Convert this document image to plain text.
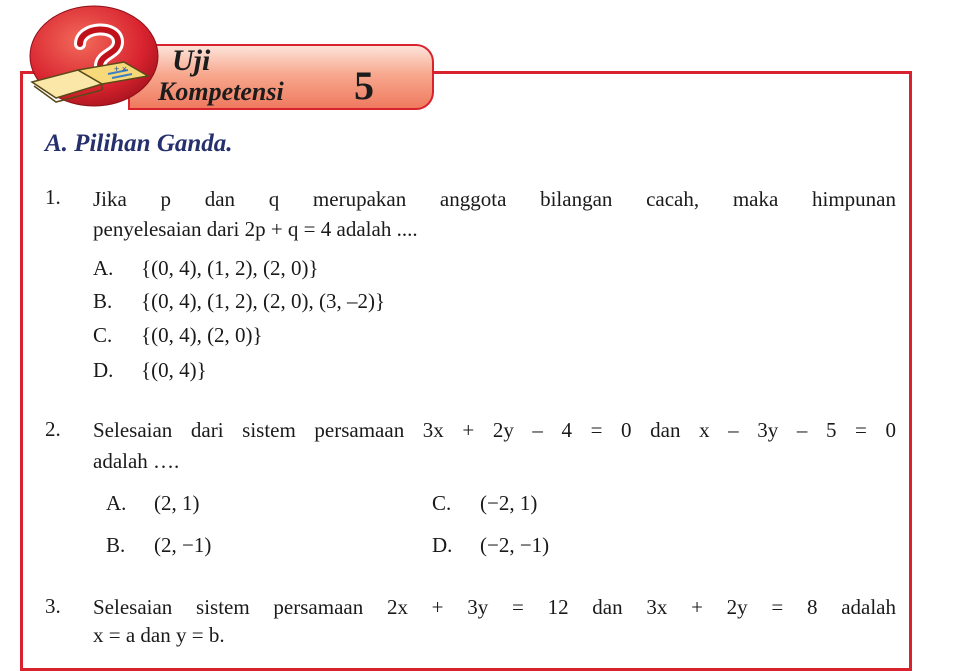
+ × Uji
Kompetensi 5
A. Pilihan Ganda.
1. Jika p dan q merupakan anggota bilangan cacah, maka himpunan
penyelesaian dari 2p + q = 4 adalah ....
A. {(0, 4), (1, 2), (2, 0)}
B. {(0, 4), (1, 2), (2, 0), (3, –2)}
C. {(0, 4), (2, 0)}
D. {(0, 4)}
2. Selesaian dari sistem persamaan 3x + 2y – 4 = 0 dan x – 3y – 5 = 0
adalah ….
A. (2, 1)
B. (2, −1)
C. (−2, 1)
D. (−2, −1)
3. Selesaian sistem persamaan 2x + 3y = 12 dan 3x + 2y = 8 adalah
x = a dan y = b.
